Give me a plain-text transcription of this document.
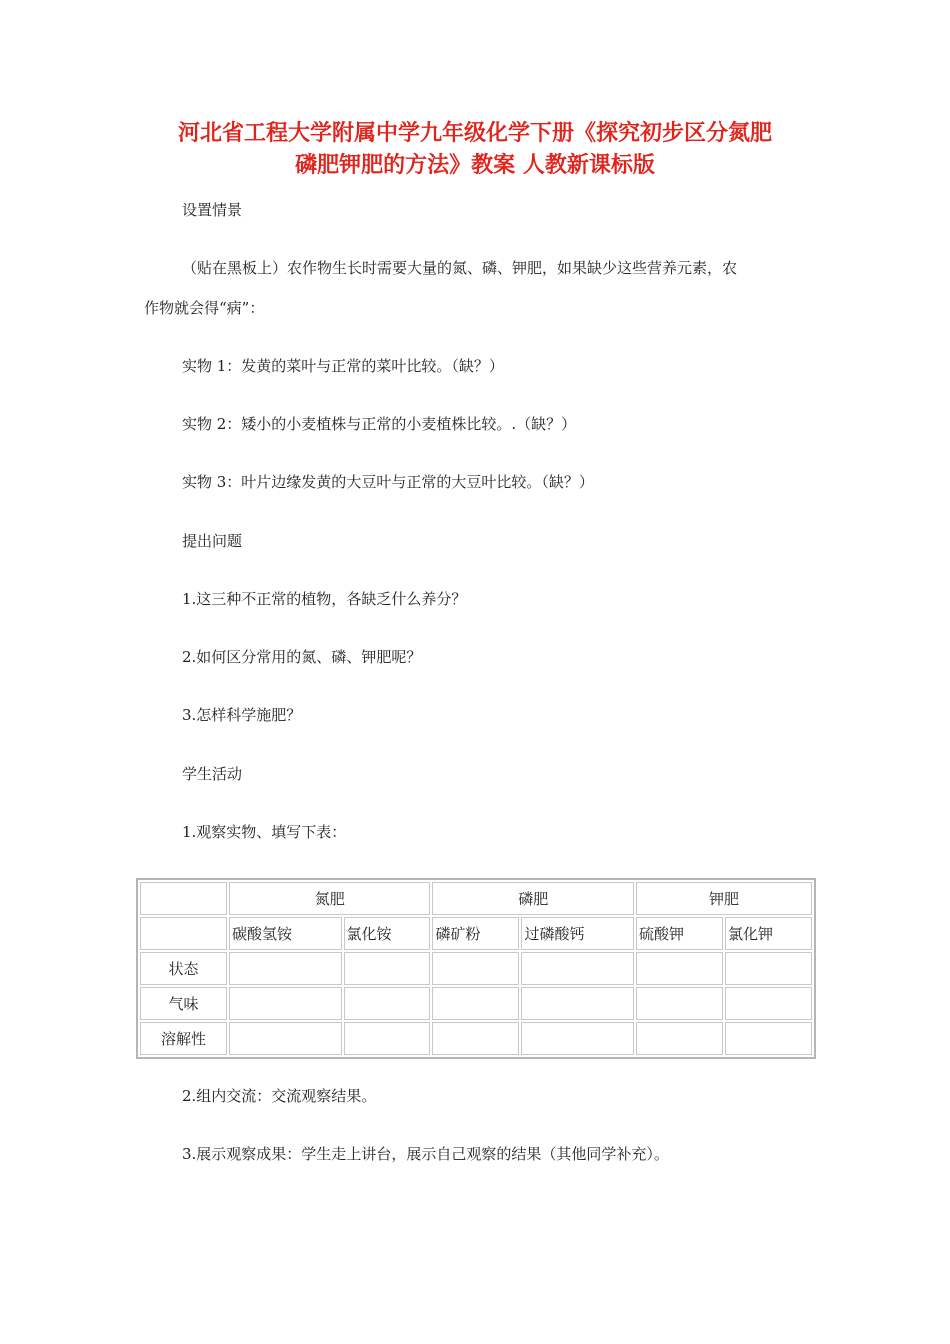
河北省工程大学附属中学九年级化学下册《探究初步区分氮肥
磷肥钾肥的方法》教案 人教新课标版
设置情景
（贴在黑板上）农作物生长时需要大量的氮、磷、钾肥，如果缺少这些营养元素，农
作物就会得“病”：
实物 1：发黄的菜叶与正常的菜叶比较。（缺？）
实物 2：矮小的小麦植株与正常的小麦植株比较。.（缺？）
实物 3：叶片边缘发黄的大豆叶与正常的大豆叶比较。（缺？）
提出问题
1.这三种不正常的植物，各缺乏什么养分？
2.如何区分常用的氮、磷、钾肥呢？
3.怎样科学施肥？
学生活动
1.观察实物、填写下表：
	氮肥		磷肥		钾肥	
	碳酸氢铵	氯化铵	磷矿粉	过磷酸钙	硫酸钾	氯化钾
状态						
气味						
溶解性						
2.组内交流：交流观察结果。
3.展示观察成果：学生走上讲台，展示自己观察的结果（其他同学补充）。
